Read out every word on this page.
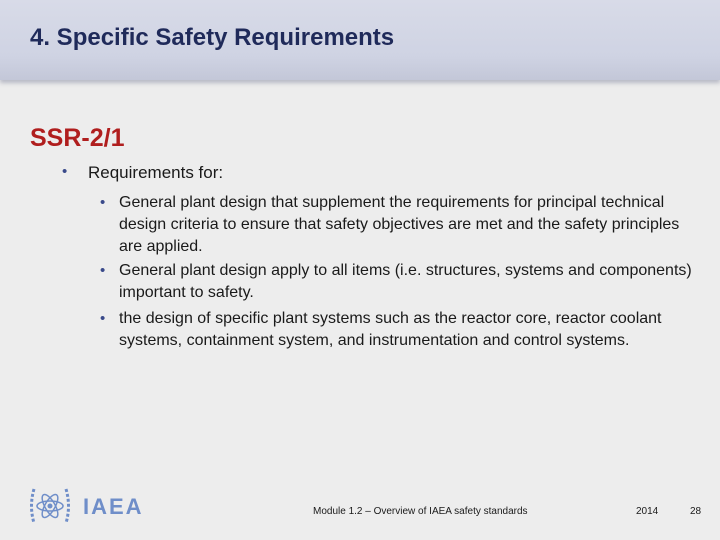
4. Specific Safety Requirements
SSR-2/1
• Requirements for:
• General plant design that supplement the requirements for principal technical design criteria to ensure that safety objectives are met and the safety principles are applied.
• General plant design apply to all items (i.e. structures, systems and components) important to safety.
• the design of specific plant systems such as the reactor core, reactor coolant systems, containment system, and instrumentation and control systems.
IAEA	Module 1.2 – Overview of IAEA safety standards	2014	28
